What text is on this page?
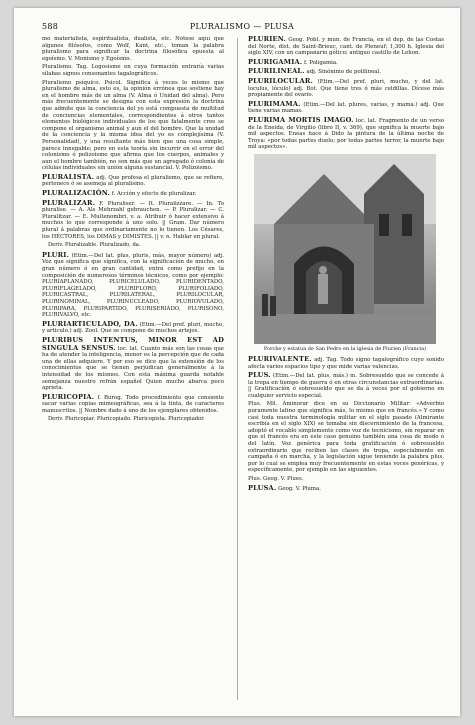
588	PLURALISMO — PLUSA

mo materialista, espiritualista, dualista, etc. Nótese aquí que algunos filósofos, como Wolf, Kant, etc., toman la palabra pluralismo para significar la doctrina filosófica opuesta al egoísmo. V. Monismo y Egoísmo.

Pluralismo. Tag. Logosisme en cuya formación entraría varias sílabas signos consonantes tagalográficos.

Pluralismo psíquico. Psicol. Significa á veces lo mismo que pluralismo de alma, esto es, la opinión errónea que sostiene hay en el hombre más de un alma (V. Alma ó Unidad del alma). Pero más frecuentemente se designa con esta expresión la doctrina que admite que la conciencia del yo está compuesta de multitud de conciencias elementales, correspondientes á otros tantos elementos biológicos individuales de los que fatalmente cree se compone el organismo animal y aun el del hombre. Que la unidad de la conciencia y la misma idea del yo es complejísima (V. Personalidad), y una resultante más bien que una cosa simple, parece innegable; pero en esta teoría sin incurrir en el error del colonismo ó polizoismo que afirma que los cuerpos, animales y aun el hombre también, no son más que un agregado ó colonia de células individuales sin unión alguna sustancial. V. Polizoismo.

PLURALISTA. adj. Que profesa el pluralismo, que se refiere, pertenece ó se asemeja al pluralismo.

PLURALIZACIÓN. f. Acción y efecto de pluralizar.

PLURALIZAR. F. Pluraliser. — It. Pluralizzare. — In. To pluralise. — A. Als Mehrzahl gebrauchen. — P. Pluralizar. — C. Pluralitzar. — E. Multenombri. v. a. Atribuir ó hacer extensivo á muchos lo que corresponde á uno solo. || Gram. Dar número plural á palabras que ordinariamente no lo tienen. Los Césares, los HÉCTORES, los DIMAS y DIMISTES. || v. n. Hablar en plural.

Deriv. Pluralizable. Pluralizado, da.

PLURI. (Etim.—Del lat. plus, pluris, más, mayor número) adj. Voz que significa que significa, con la significación de mucho, en gran número ó en gran cantidad, entra como prefijo en la composición de numerosos términos técnicos, como por ejemplo: PLURIAPLANADO, PLURICELULADO, PLURIDENTADO, PLURIFLAGELADO, PLURIFLORO, PLURIFOLIADO, PLURICASTRAL, PLURILATERAL, PLURILOCULAR, PLURINOMINAL, PLURINUCLEADO, PLURIOVULADO, PLURIPARA, PLURIPARTIDO, PLURISERIADO, PLURISONO, PLURIVALVO, etc.

PLURIARTICULADO, DA. (Etim.—Del pref. pluri, mucho, y articulo.) adj. Zool. Que se compone de muchos artejos.

PLURIBUS INTENTUS, MINOR EST AD SINGULA SENSUS. loc. lat. Cuanto más son las cosas que ha de atender la inteligencia, menor es la percepción que de cada una de ellas adquiere. Y por eso se dice que la extensión de los conocimientos que se tienen perjudican generalmente á la intensidad de los mismos. Con esta máxima guarda notable semejanza nuestro refrán español Quien mucho abarca poco aprieta.

PLURICOPIA. f. Burog. Todo procedimiento que consiente sacar varias copias mimeográficas, sea á la tinta, de caracteres manuscritos. || Nombre dado á uno de los ejemplares obtenidos.

Deriv. Pluricopiar. Pluricopiado. Pluricopista. Pluricopiador.

PLURIEN. Geog. Pobl. y mun. de Francia, en el dep. de las Costas del Norte, dist. de Saint-Brieuc, cant. de Pleneuf; 1,300 h. Iglesia del siglo XIV, con un campanario gótico; antiguo castillo de Lehon.

PLURIGAMIA. f. Poligamia.

PLURILINEAL. adj. Sinónimo de polilineal.

PLURILOCULAR. (Etim.—Del pref. pluri, mucho, y del lat. loculus, lóculo) adj. Bot. Que tiene tres ó más celdillas. Dícese más propiamente del ovario.

PLURIMAMA. (Etim.—Del lat. plures, varias, y mama.) adj. Que tiene varias mamas.

PLURIMA MORTIS IMAGO. loc. lat. Fragmento de un verso de la Eneida, de Virgilio (libro II, v. 369), que significa la muerte bajo mil aspectos. Eneas hace á Dido la pintura de la última noche de Troya: «por todas partes duelo; por todas partes terror, la muerte bajo mil aspectos».

Porche y estatua de San Pedro en la iglesia de Plurien (Francia)

PLURIVALENTE. adj. Tag. Todo signo tagalográfico cuyo sonido afecta varios espacios tipo y que mide varias valencias.

PLUS. (Etim.—Del lat. plus, más.) m. Sobresueldo que se concede á la tropa en tiempo de guerra ó en otras circunstancias extraordinarias. || Gratificación ó sobresueldo que se da á veces por el gobierno en cualquier servicio especial.

Plus. Mil. Aminorar dice en su Diccionario Militar: «Adverbio puramente latino que significa más, lo mismo que en francés.» Y como casi toda nuestra terminología militar en el siglo pasado (Almirante escribía en el siglo XIX) se tomaba sin discernimiento de la francesa, adoptó el vocablo simplemente como voz de tecnicismo, sin reparar en que el francés era en este caso genuino también una cosa de modo ó del latín. Voz genérica para toda gratificación ó sobresueldo extraordinario que reciben las clases de tropa, especialmente en campaña ó en marcha, y la legislación sigue teniendo la palabra plus, por lo cual se emplea muy frecuentemente en estas voces genéricas, y específicamente, por ejemplo en las siguientes.

Plus. Geog. V. Plues.

PLUSA. Geog. V. Pluma.
